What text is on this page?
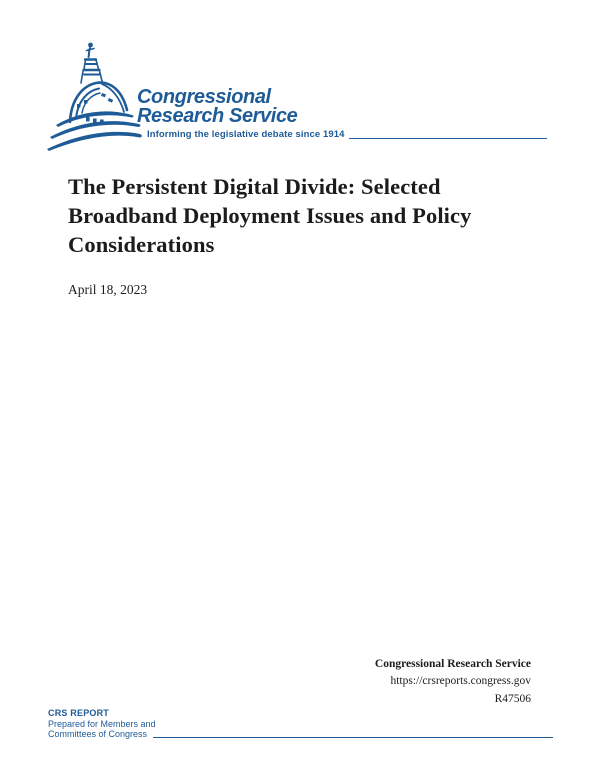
Congressional
Research Service
Informing the legislative debate since 1914
The Persistent Digital Divide: Selected
Broadband Deployment Issues and Policy
Considerations
April 18, 2023
Congressional Research Service
https://crsreports.congress.gov
R47506
CRS REPORT
Prepared for Members and
Committees of Congress
